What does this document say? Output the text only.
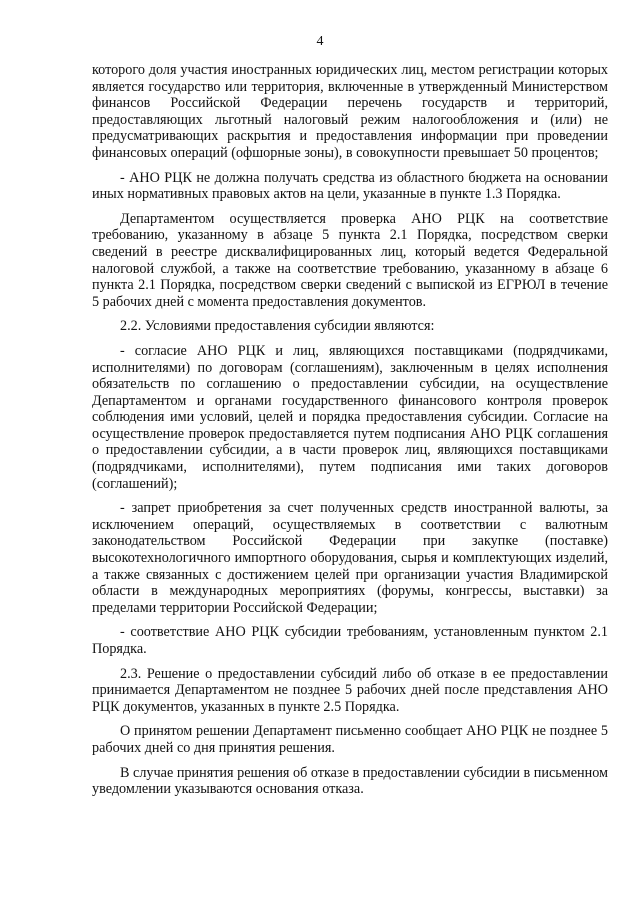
4

которого доля участия иностранных юридических лиц, местом регистрации которых является государство или территория, включенные в утвержденный Министерством финансов Российской Федерации перечень государств и территорий, предоставляющих льготный налоговый режим налогообложения и (или) не предусматривающих раскрытия и предоставления информации при проведении финансовых операций (офшорные зоны), в совокупности превышает 50 процентов;

- АНО РЦК не должна получать средства из областного бюджета на основании иных нормативных правовых актов на цели, указанные в пункте 1.3 Порядка.

Департаментом осуществляется проверка АНО РЦК на соответствие требованию, указанному в абзаце 5 пункта 2.1 Порядка, посредством сверки сведений в реестре дисквалифицированных лиц, который ведется Федеральной налоговой службой, а также на соответствие требованию, указанному в абзаце 6 пункта 2.1 Порядка, посредством сверки сведений с выпиской из ЕГРЮЛ в течение 5 рабочих дней с момента предоставления документов.

2.2. Условиями предоставления субсидии являются:

- согласие АНО РЦК и лиц, являющихся поставщиками (подрядчиками, исполнителями) по договорам (соглашениям), заключенным в целях исполнения обязательств по соглашению о предоставлении субсидии, на осуществление Департаментом и органами государственного финансового контроля проверок соблюдения ими условий, целей и порядка предоставления субсидии. Согласие на осуществление проверок предоставляется путем подписания АНО РЦК соглашения о предоставлении субсидии, а в части проверок лиц, являющихся поставщиками (подрядчиками, исполнителями), путем подписания ими таких договоров (соглашений);

- запрет приобретения за счет полученных средств иностранной валюты, за исключением операций, осуществляемых в соответствии с валютным законодательством Российской Федерации при закупке (поставке) высокотехнологичного импортного оборудования, сырья и комплектующих изделий, а также связанных с достижением целей при организации участия Владимирской области в международных мероприятиях (форумы, конгрессы, выставки) за пределами территории Российской Федерации;

- соответствие АНО РЦК субсидии требованиям, установленным пунктом 2.1 Порядка.

2.3. Решение о предоставлении субсидий либо об отказе в ее предоставлении принимается Департаментом не позднее 5 рабочих дней после представления АНО РЦК документов, указанных в пункте 2.5 Порядка.

О принятом решении Департамент письменно сообщает АНО РЦК не позднее 5 рабочих дней со дня принятия решения.

В случае принятия решения об отказе в предоставлении субсидии в письменном уведомлении указываются основания отказа.
